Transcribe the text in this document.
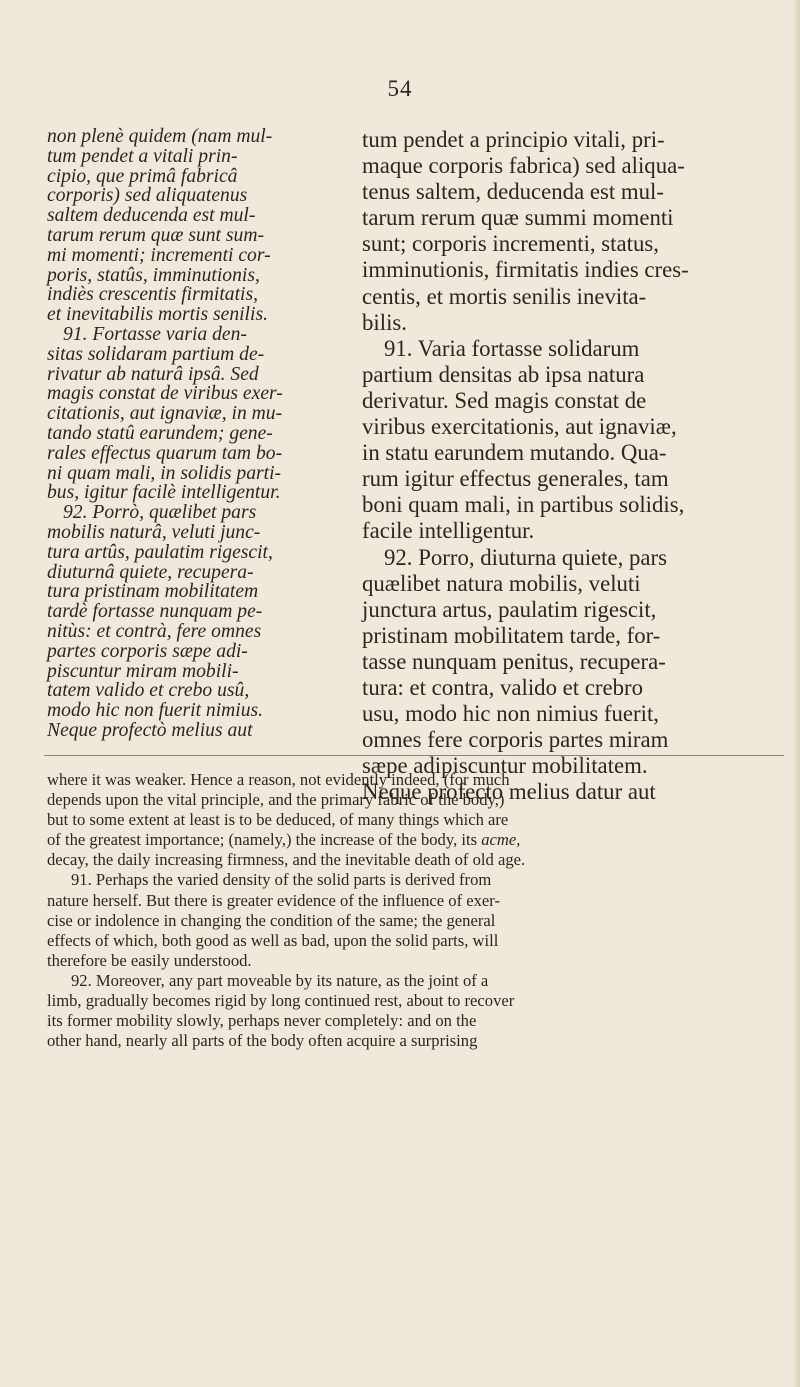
54
non plenè quidem (nam mul-
tum pendet a vitali prin-
cipio, que primâ fabricâ
corporis) sed aliquatenus
saltem deducenda est mul-
tarum rerum quæ sunt sum-
mi momenti; incrementi cor-
poris, statûs, imminutionis,
indiès crescentis firmitatis,
et inevitabilis mortis senilis.
91. Fortasse varia den-
sitas solidaram partium de-
rivatur ab naturâ ipsâ. Sed
magis constat de viribus exer-
citationis, aut ignaviæ, in mu-
tando statû earundem; gene-
rales effectus quarum tam bo-
ni quam mali, in solidis parti-
bus, igitur facilè intelligentur.
92. Porrò, quælibet pars
mobilis naturâ, veluti junc-
tura artûs, paulatim rigescit,
diuturnâ quiete, recupera-
tura pristinam mobilitatem
tardè fortasse nunquam pe-
nitùs: et contrà, fere omnes
partes corporis sæpe adi-
piscuntur miram mobili-
tatem valido et crebo usû,
modo hic non fuerit nimius.
Neque profectò melius aut
tum pendet a principio vitali, pri-
maque corporis fabrica) sed aliqua-
tenus saltem, deducenda est mul-
tarum rerum quæ summi momenti
sunt; corporis incrementi, status,
imminutionis, firmitatis indies cres-
centis, et mortis senilis inevita-
bilis.
91. Varia fortasse solidarum
partium densitas ab ipsa natura
derivatur. Sed magis constat de
viribus exercitationis, aut ignaviæ,
in statu earundem mutando. Qua-
rum igitur effectus generales, tam
boni quam mali, in partibus solidis,
facile intelligentur.
92. Porro, diuturna quiete, pars
quælibet natura mobilis, veluti
junctura artus, paulatim rigescit,
pristinam mobilitatem tarde, for-
tasse nunquam penitus, recupera-
tura: et contra, valido et crebro
usu, modo hic non nimius fuerit,
omnes fere corporis partes miram
sæpe adipiscuntur mobilitatem.
Neque profecto melius datur aut
where it was weaker. Hence a reason, not evidently indeed, (for much
depends upon the vital principle, and the primary fabric of the body,)
but to some extent at least is to be deduced, of many things which are
of the greatest importance; (namely,) the increase of the body, its acme,
decay, the daily increasing firmness, and the inevitable death of old age.
91. Perhaps the varied density of the solid parts is derived from
nature herself. But there is greater evidence of the influence of exer-
cise or indolence in changing the condition of the same; the general
effects of which, both good as well as bad, upon the solid parts, will
therefore be easily understood.
92. Moreover, any part moveable by its nature, as the joint of a
limb, gradually becomes rigid by long continued rest, about to recover
its former mobility slowly, perhaps never completely: and on the
other hand, nearly all parts of the body often acquire a surprising
